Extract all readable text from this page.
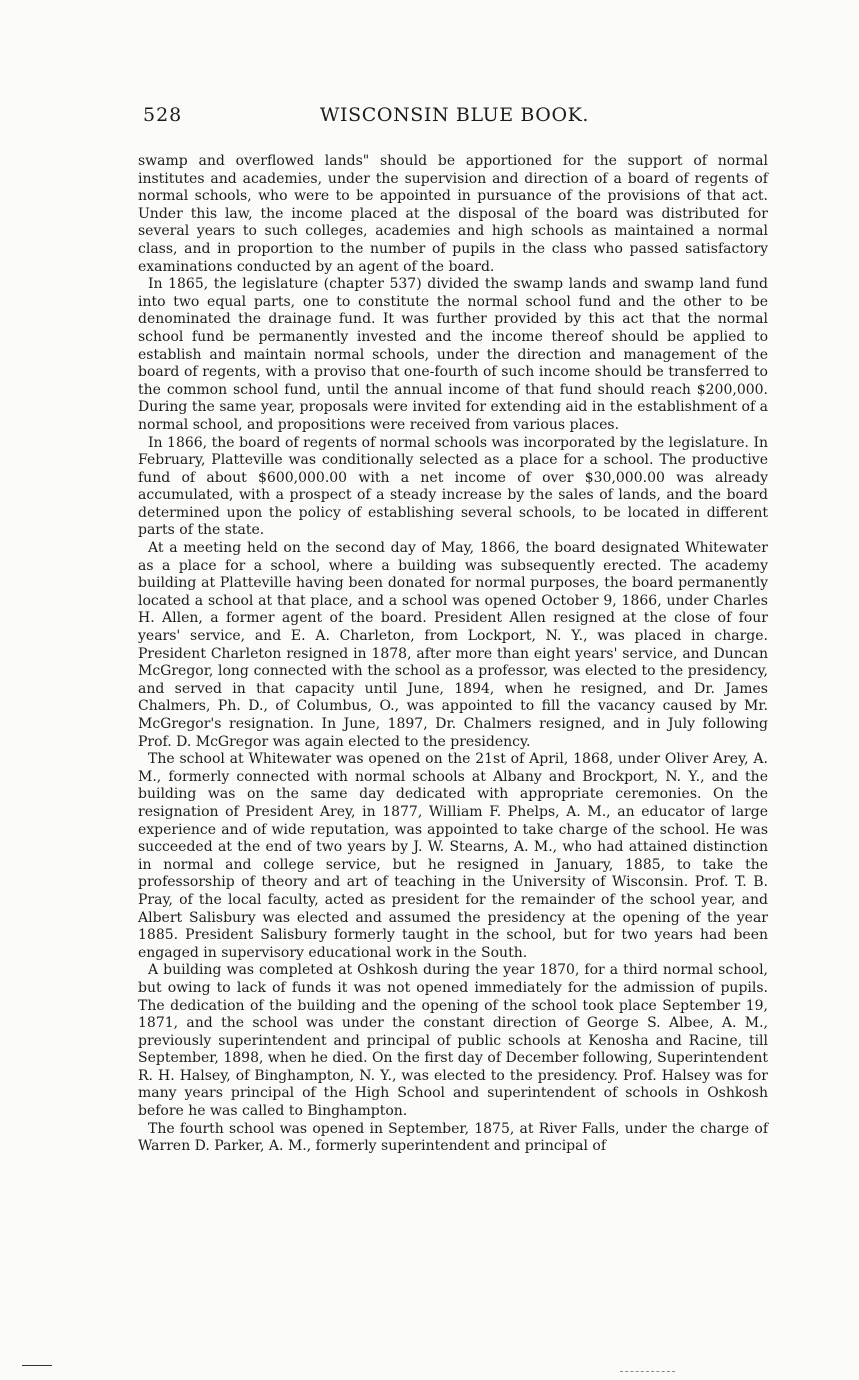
528	WISCONSIN BLUE BOOK.

swamp and overflowed lands" should be apportioned for the support of normal institutes and academies, under the supervision and direction of a board of regents of normal schools, who were to be appointed in pursuance of the provisions of that act. Under this law, the income placed at the disposal of the board was distributed for several years to such colleges, academies and high schools as maintained a normal class, and in proportion to the number of pupils in the class who passed satisfactory examinations conducted by an agent of the board.

In 1865, the legislature (chapter 537) divided the swamp lands and swamp land fund into two equal parts, one to constitute the normal school fund and the other to be denominated the drainage fund. It was further provided by this act that the normal school fund be permanently invested and the income thereof should be applied to establish and maintain normal schools, under the direction and management of the board of regents, with a proviso that one-fourth of such income should be transferred to the common school fund, until the annual income of that fund should reach $200,000. During the same year, proposals were invited for extending aid in the establishment of a normal school, and propositions were received from various places.

In 1866, the board of regents of normal schools was incorporated by the legislature. In February, Platteville was conditionally selected as a place for a school. The productive fund of about $600,000.00 with a net income of over $30,000.00 was already accumulated, with a prospect of a steady increase by the sales of lands, and the board determined upon the policy of establishing several schools, to be located in different parts of the state.

At a meeting held on the second day of May, 1866, the board designated Whitewater as a place for a school, where a building was subsequently erected. The academy building at Platteville having been donated for normal purposes, the board permanently located a school at that place, and a school was opened October 9, 1866, under Charles H. Allen, a former agent of the board. President Allen resigned at the close of four years' service, and E. A. Charleton, from Lockport, N. Y., was placed in charge. President Charleton resigned in 1878, after more than eight years' service, and Duncan McGregor, long connected with the school as a professor, was elected to the presidency, and served in that capacity until June, 1894, when he resigned, and Dr. James Chalmers, Ph. D., of Columbus, O., was appointed to fill the vacancy caused by Mr. McGregor's resignation. In June, 1897, Dr. Chalmers resigned, and in July following Prof. D. McGregor was again elected to the presidency.

The school at Whitewater was opened on the 21st of April, 1868, under Oliver Arey, A. M., formerly connected with normal schools at Albany and Brockport, N. Y., and the building was on the same day dedicated with appropriate ceremonies. On the resignation of President Arey, in 1877, William F. Phelps, A. M., an educator of large experience and of wide reputation, was appointed to take charge of the school. He was succeeded at the end of two years by J. W. Stearns, A. M., who had attained distinction in normal and college service, but he resigned in January, 1885, to take the professorship of theory and art of teaching in the University of Wisconsin. Prof. T. B. Pray, of the local faculty, acted as president for the remainder of the school year, and Albert Salisbury was elected and assumed the presidency at the opening of the year 1885. President Salisbury formerly taught in the school, but for two years had been engaged in supervisory educational work in the South.

A building was completed at Oshkosh during the year 1870, for a third normal school, but owing to lack of funds it was not opened immediately for the admission of pupils. The dedication of the building and the opening of the school took place September 19, 1871, and the school was under the constant direction of George S. Albee, A. M., previously superintendent and principal of public schools at Kenosha and Racine, till September, 1898, when he died. On the first day of December following, Superintendent R. H. Halsey, of Binghampton, N. Y., was elected to the presidency. Prof. Halsey was for many years principal of the High School and superintendent of schools in Oshkosh before he was called to Binghampton.

The fourth school was opened in September, 1875, at River Falls, under the charge of Warren D. Parker, A. M., formerly superintendent and principal of
